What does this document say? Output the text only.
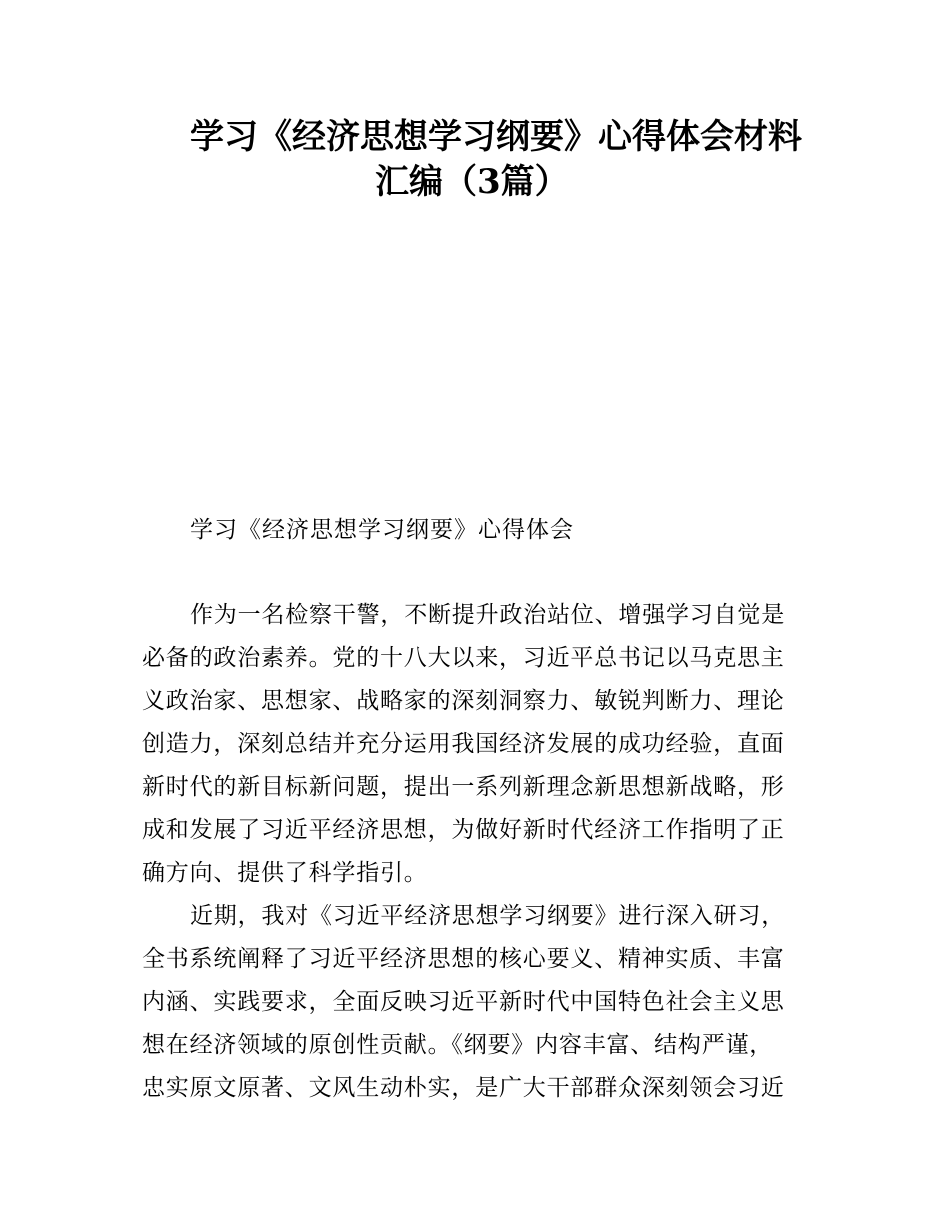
学习《经济思想学习纲要》心得体会材料
汇编（3篇）
学习《经济思想学习纲要》心得体会
作为一名检察干警，不断提升政治站位、增强学习自觉是
必备的政治素养。党的十八大以来，习近平总书记以马克思主
义政治家、思想家、战略家的深刻洞察力、敏锐判断力、理论
创造力，深刻总结并充分运用我国经济发展的成功经验，直面
新时代的新目标新问题，提出一系列新理念新思想新战略，形
成和发展了习近平经济思想，为做好新时代经济工作指明了正
确方向、提供了科学指引。
近期，我对《习近平经济思想学习纲要》进行深入研习，
全书系统阐释了习近平经济思想的核心要义、精神实质、丰富
内涵、实践要求，全面反映习近平新时代中国特色社会主义思
想在经济领域的原创性贡献。《纲要》内容丰富、结构严谨，
忠实原文原著、文风生动朴实，是广大干部群众深刻领会习近
